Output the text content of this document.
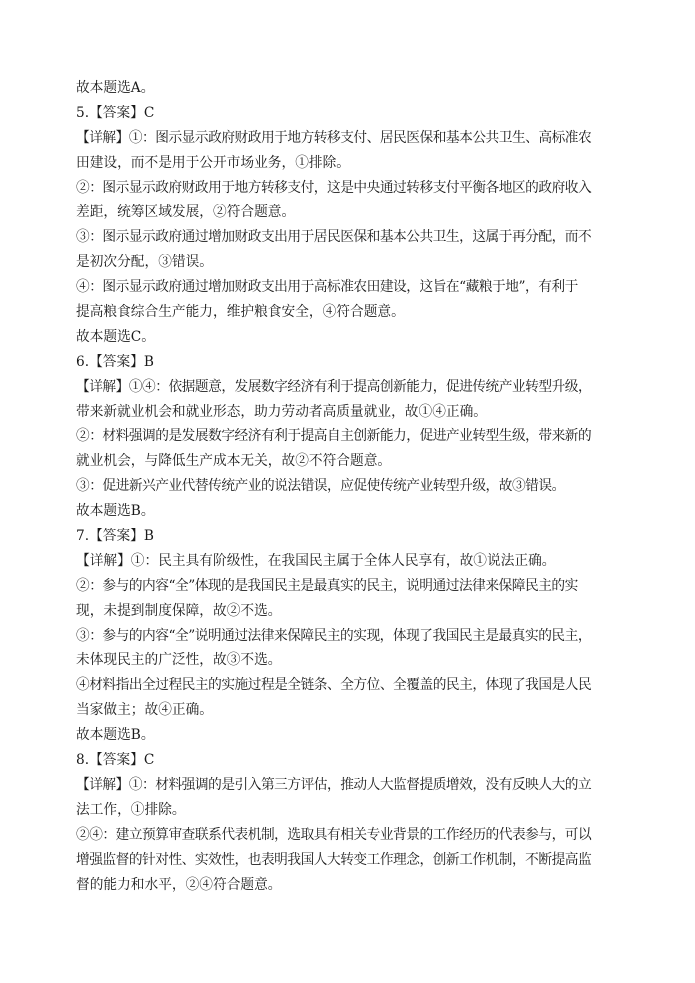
故本题选A。
5.【答案】C
【详解】①：图示显示政府财政用于地方转移支付、居民医保和基本公共卫生、高标准农
田建设，而不是用于公开市场业务，①排除。
②：图示显示政府财政用于地方转移支付，这是中央通过转移支付平衡各地区的政府收入
差距，统筹区域发展，②符合题意。
③：图示显示政府通过增加财政支出用于居民医保和基本公共卫生，这属于再分配，而不
是初次分配，③错误。
④：图示显示政府通过增加财政支出用于高标准农田建设，这旨在“藏粮于地”，有利于
提高粮食综合生产能力，维护粮食安全，④符合题意。
故本题选C。
6.【答案】B
【详解】①④：依据题意，发展数字经济有利于提高创新能力，促进传统产业转型升级，
带来新就业机会和就业形态，助力劳动者高质量就业，故①④正确。
②：材料强调的是发展数字经济有利于提高自主创新能力，促进产业转型生级，带来新的
就业机会，与降低生产成本无关，故②不符合题意。
③：促进新兴产业代替传统产业的说法错误，应促使传统产业转型升级，故③错误。
故本题选B。
7.【答案】B
【详解】①：民主具有阶级性，在我国民主属于全体人民享有，故①说法正确。
②：参与的内容“全”体现的是我国民主是最真实的民主，说明通过法律来保障民主的实
现，未提到制度保障，故②不选。
③：参与的内容“全”说明通过法律来保障民主的实现，体现了我国民主是最真实的民主，
未体现民主的广泛性，故③不选。
④材料指出全过程民主的实施过程是全链条、全方位、全覆盖的民主，体现了我国是人民
当家做主；故④正确。
故本题选B。
8.【答案】C
【详解】①：材料强调的是引入第三方评估，推动人大监督提质增效，没有反映人大的立
法工作，①排除。
②④：建立预算审查联系代表机制，选取具有相关专业背景的工作经历的代表参与，可以
增强监督的针对性、实效性，也表明我国人大转变工作理念，创新工作机制，不断提高监
督的能力和水平，②④符合题意。
